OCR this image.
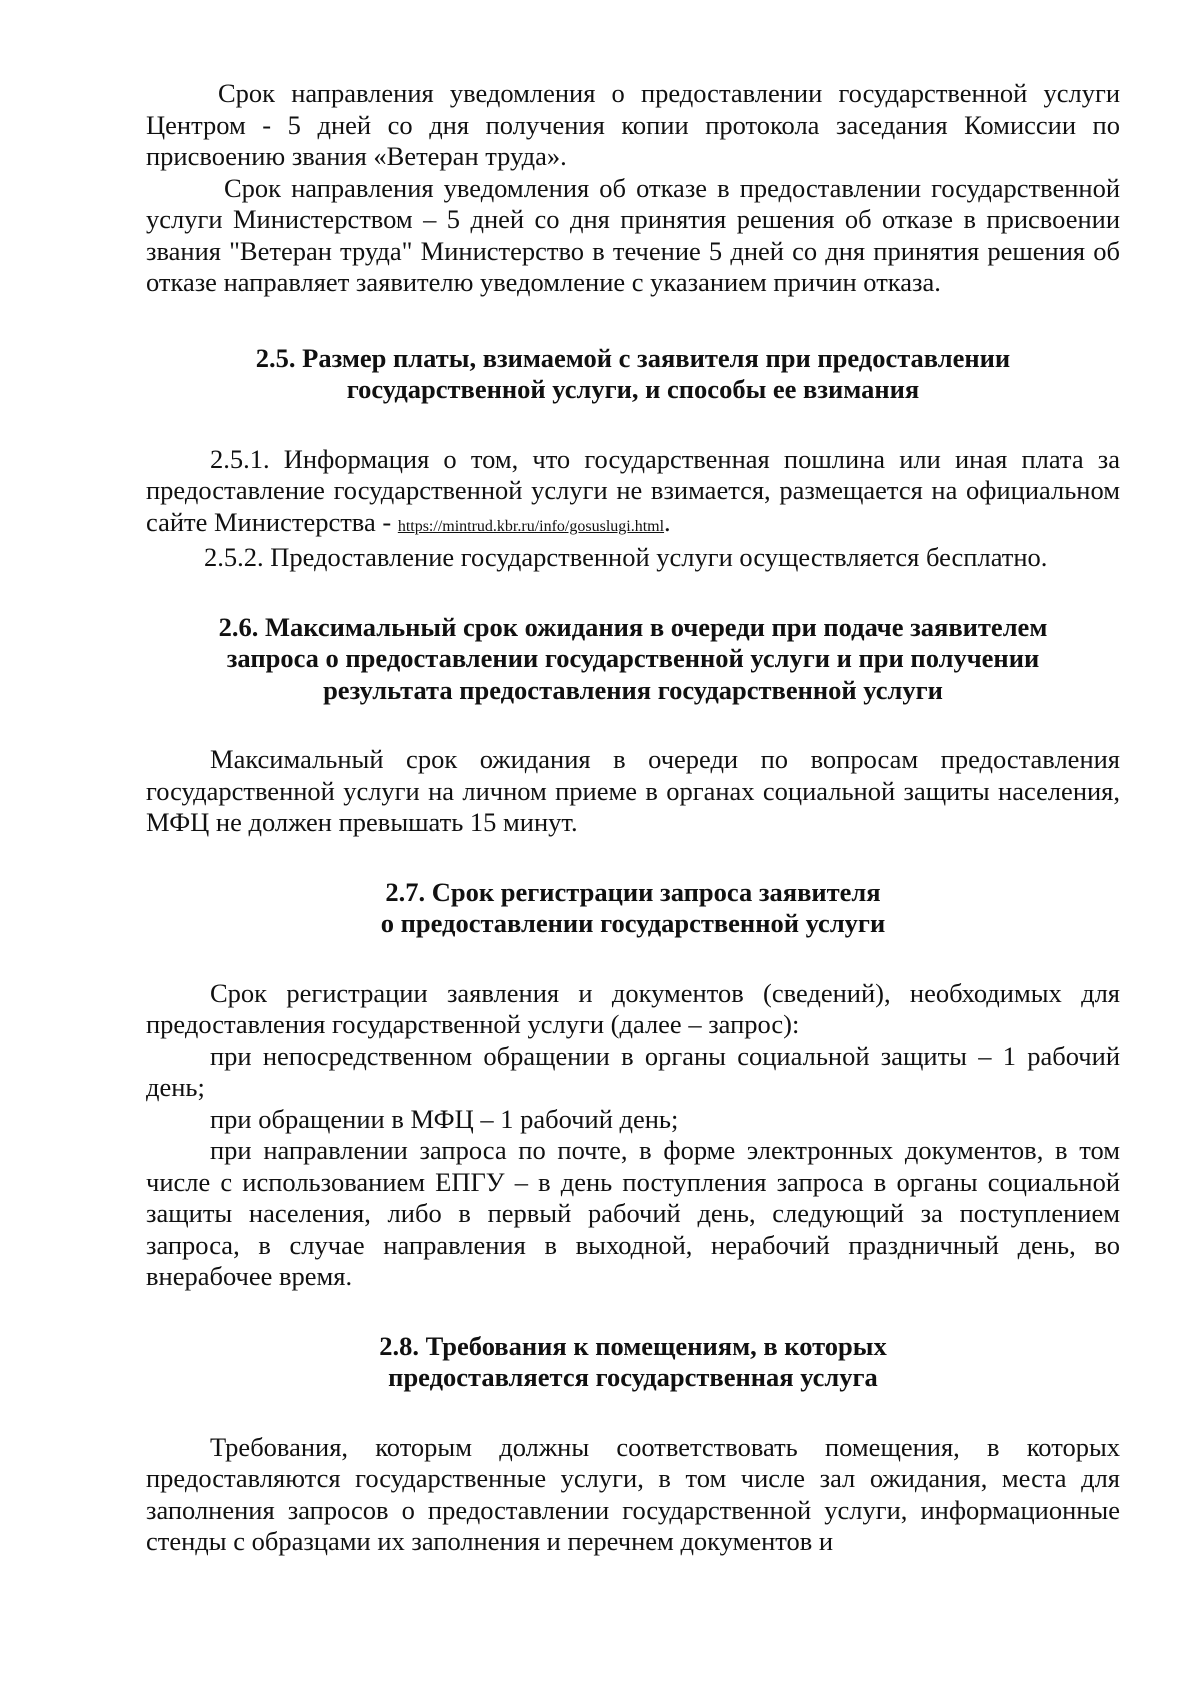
Срок направления уведомления о предоставлении государственной услуги Центром - 5 дней со дня получения копии протокола заседания Комиссии по присвоению звания «Ветеран труда».

Срок направления уведомления об отказе в предоставлении государственной услуги Министерством – 5 дней со дня принятия решения об отказе в присвоении звания "Ветеран труда" Министерство в течение 5 дней со дня принятия решения об отказе направляет заявителю уведомление с указанием причин отказа.

2.5. Размер платы, взимаемой с заявителя при предоставлении

государственной услуги, и способы ее взимания

2.5.1. Информация о том, что государственная пошлина или иная плата за предоставление государственной услуги не взимается, размещается на официальном сайте Министерства - https://mintrud.kbr.ru/info/gosuslugi.html.

2.5.2. Предоставление государственной услуги осуществляется бесплатно.

2.6. Максимальный срок ожидания в очереди при подаче заявителем

запроса о предоставлении государственной услуги и при получении

результата предоставления государственной услуги

Максимальный срок ожидания в очереди по вопросам предоставления государственной услуги на личном приеме в органах социальной защиты населения, МФЦ не должен превышать 15 минут.

2.7. Срок регистрации запроса заявителя

о предоставлении государственной услуги

Срок регистрации заявления и документов (сведений), необходимых для предоставления государственной услуги (далее – запрос):

при непосредственном обращении в органы социальной защиты – 1 рабочий день;

при обращении в МФЦ – 1 рабочий день;

при направлении запроса по почте, в форме электронных документов, в том числе с использованием ЕПГУ – в день поступления запроса в органы социальной защиты населения, либо в первый рабочий день, следующий за поступлением запроса, в случае направления в выходной, нерабочий праздничный день, во внерабочее время.

2.8. Требования к помещениям, в которых

предоставляется государственная услуга

Требования, которым должны соответствовать помещения, в которых предоставляются государственные услуги, в том числе зал ожидания, места для заполнения запросов о предоставлении государственной услуги, информационные стенды с образцами их заполнения и перечнем документов и
